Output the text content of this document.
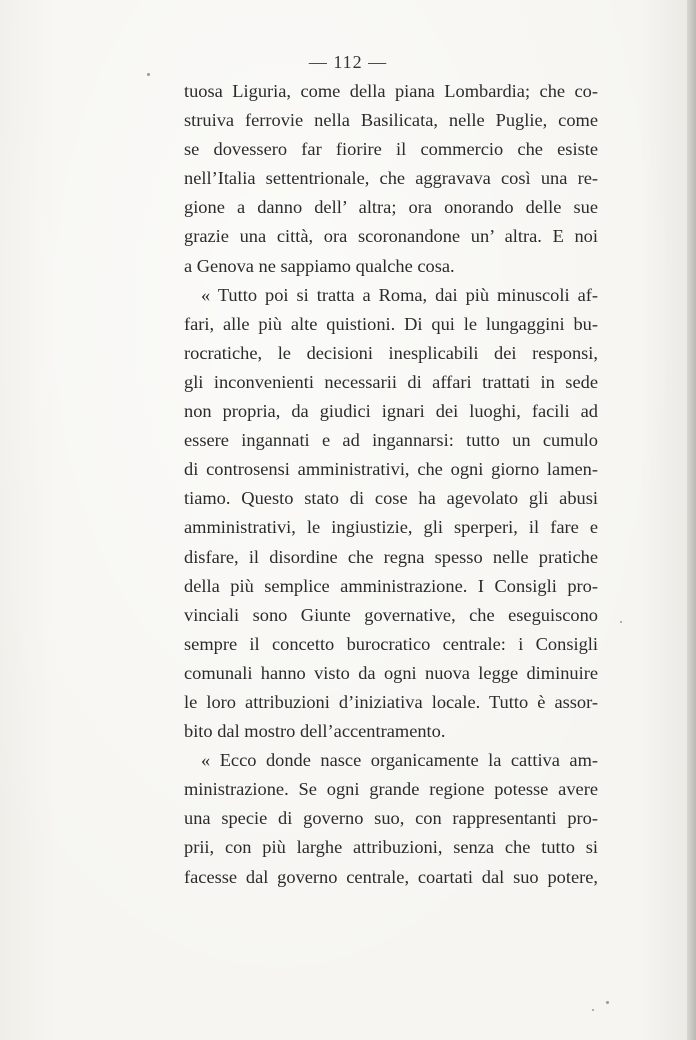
— 112 —
tuosa Liguria, come della piana Lombardia; che co-
struiva ferrovie nella Basilicata, nelle Puglie, come
se dovessero far fiorire il commercio che esiste
nell’Italia settentrionale, che aggravava così una re-
gione a danno dell’ altra; ora onorando delle sue
grazie una città, ora scoronandone un’ altra. E noi
a Genova ne sappiamo qualche cosa.
« Tutto poi si tratta a Roma, dai più minuscoli af-
fari, alle più alte quistioni. Di qui le lungaggini bu-
rocratiche, le decisioni inesplicabili dei responsi,
gli inconvenienti necessarii di affari trattati in sede
non propria, da giudici ignari dei luoghi, facili ad
essere ingannati e ad ingannarsi: tutto un cumulo
di controsensi amministrativi, che ogni giorno lamen-
tiamo. Questo stato di cose ha agevolato gli abusi
amministrativi, le ingiustizie, gli sperperi, il fare e
disfare, il disordine che regna spesso nelle pratiche
della più semplice amministrazione. I Consigli pro-
vinciali sono Giunte governative, che eseguiscono
sempre il concetto burocratico centrale: i Consigli
comunali hanno visto da ogni nuova legge diminuire
le loro attribuzioni d’iniziativa locale. Tutto è assor-
bito dal mostro dell’accentramento.
« Ecco donde nasce organicamente la cattiva am-
ministrazione. Se ogni grande regione potesse avere
una specie di governo suo, con rappresentanti pro-
prii, con più larghe attribuzioni, senza che tutto si
facesse dal governo centrale, coartati dal suo potere,
